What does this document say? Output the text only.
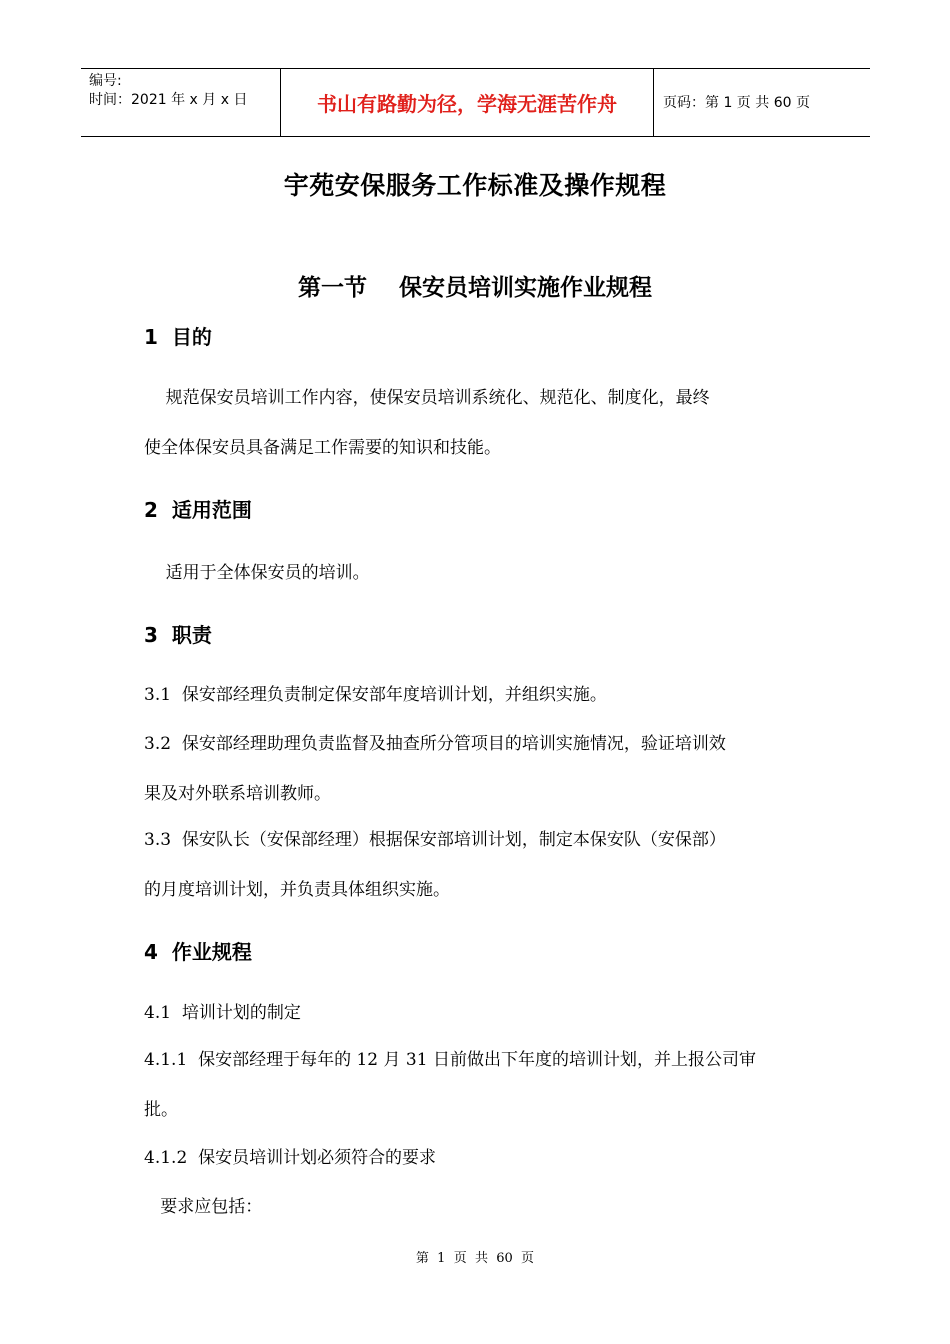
编号:
时间：2021 年 x 月 x 日	书山有路勤为径，学海无涯苦作舟	页码：第 1 页 共 60 页
宇苑安保服务工作标准及操作规程
第一节    保安员培训实施作业规程
1  目的
规范保安员培训工作内容，使保安员培训系统化、规范化、制度化，最终
使全体保安员具备满足工作需要的知识和技能。
2  适用范围
适用于全体保安员的培训。
3  职责
3.1  保安部经理负责制定保安部年度培训计划，并组织实施。
3.2  保安部经理助理负责监督及抽查所分管项目的培训实施情况，验证培训效
果及对外联系培训教师。
3.3  保安队长（安保部经理）根据保安部培训计划，制定本保安队（安保部）
的月度培训计划，并负责具体组织实施。
4  作业规程
4.1  培训计划的制定
4.1.1  保安部经理于每年的 12 月 31 日前做出下年度的培训计划，并上报公司审
批。
4.1.2  保安员培训计划必须符合的要求
要求应包括：
第  1  页  共  60  页
